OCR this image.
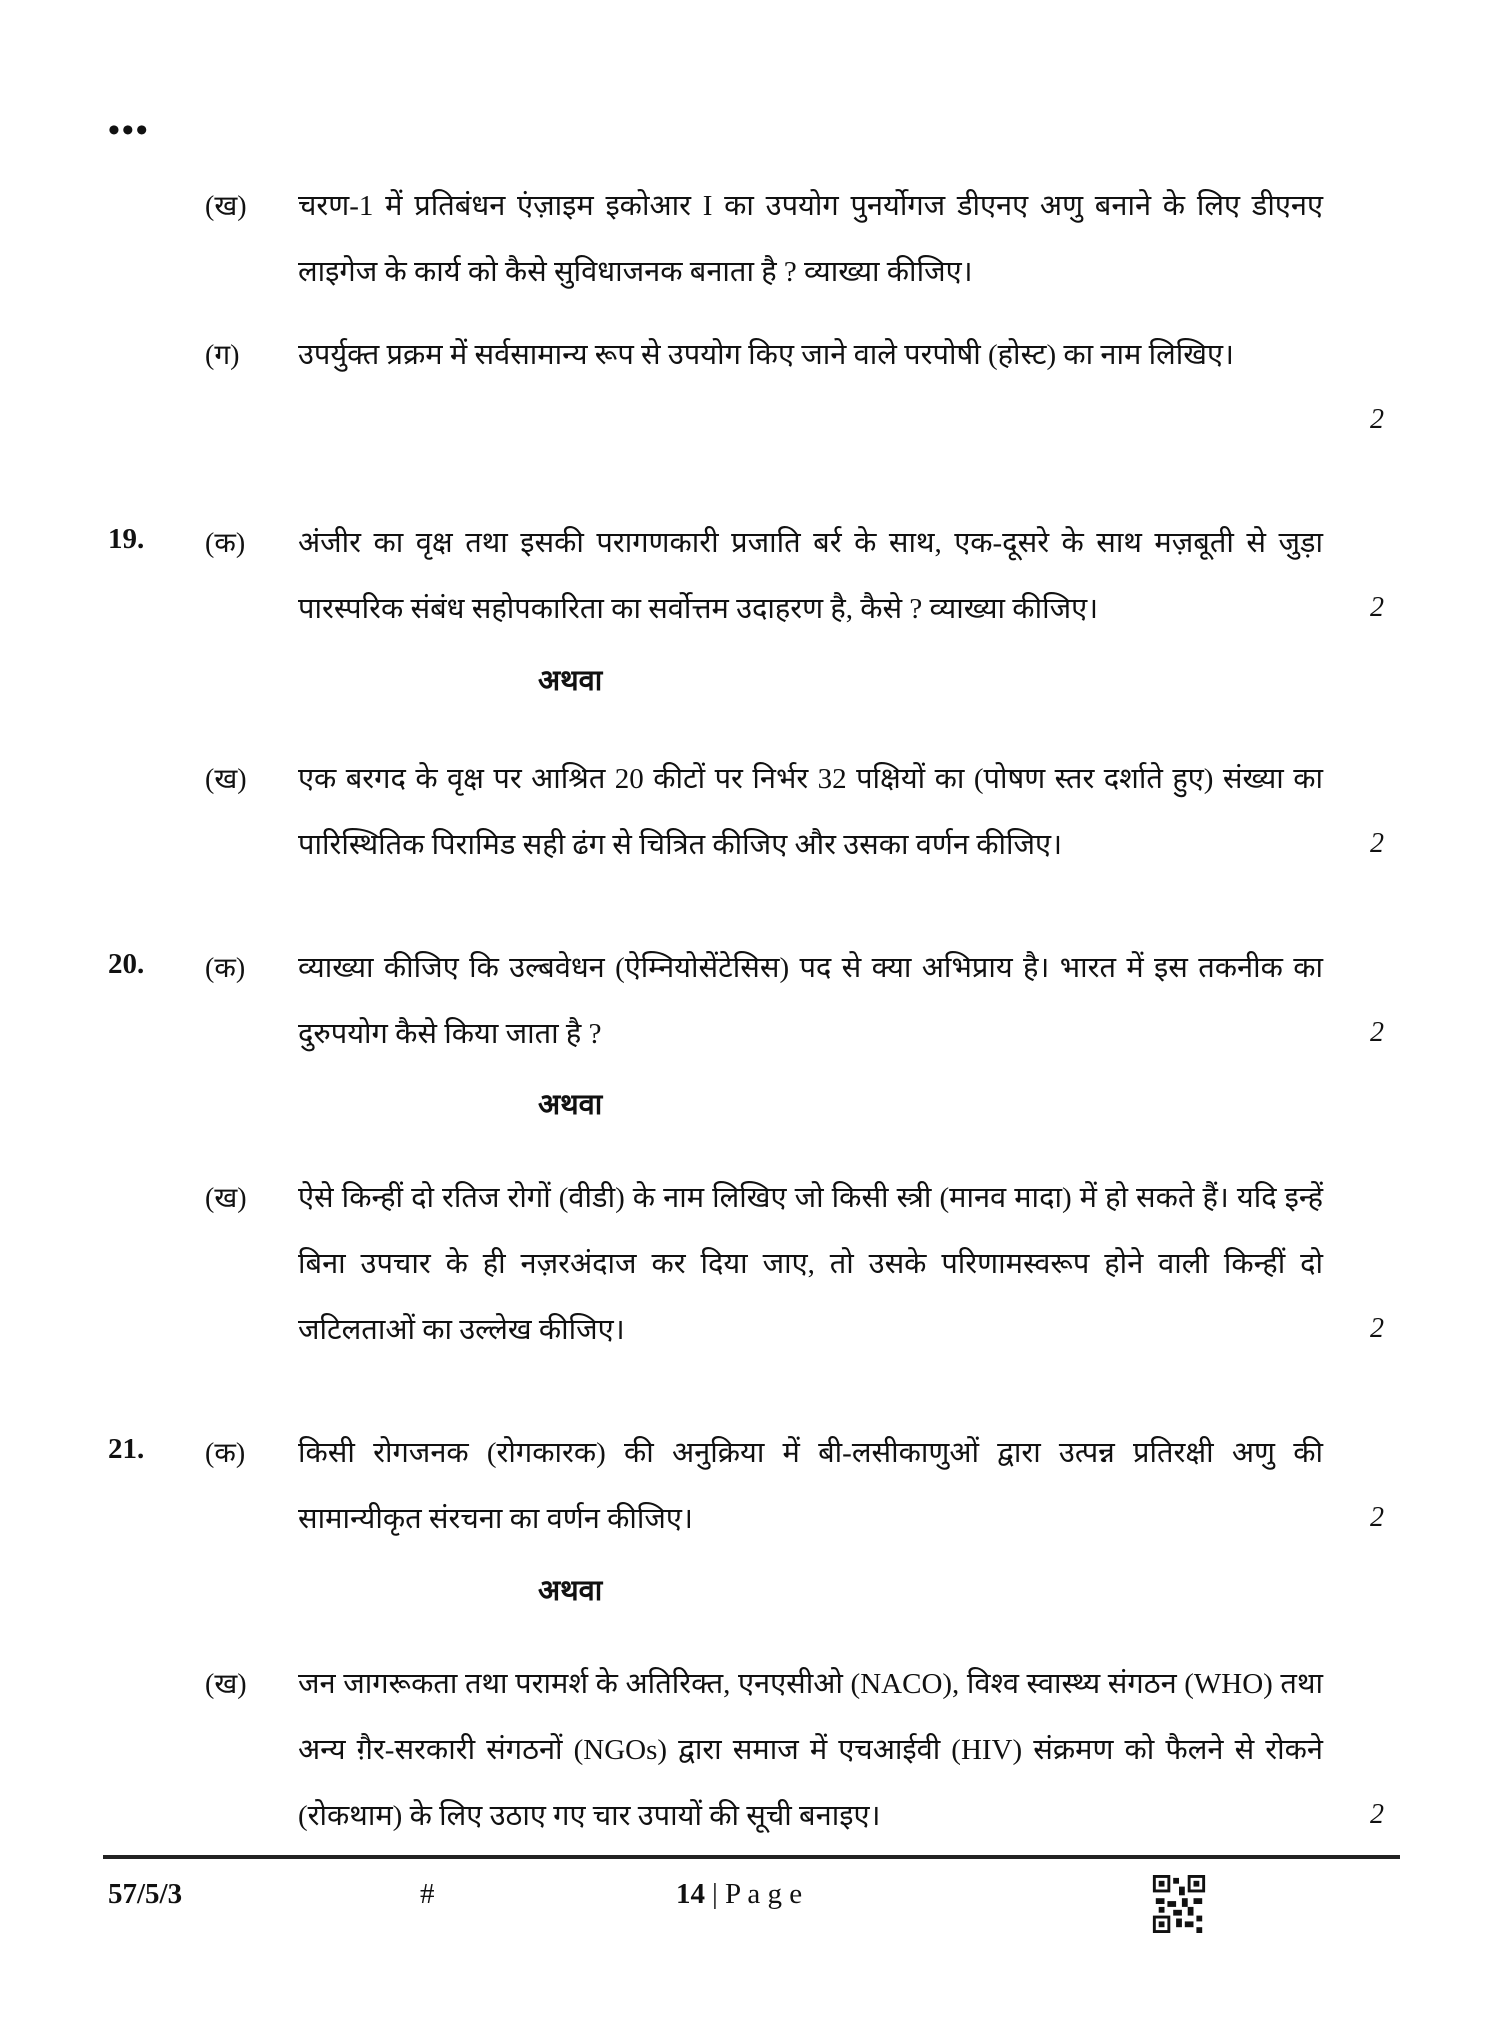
•••
(ख) चरण-1 में प्रतिबंधन एंज़ाइम इकोआर I का उपयोग पुनर्योगज डीएनए अणु बनाने के लिए डीएनए लाइगेज के कार्य को कैसे सुविधाजनक बनाता है ? व्याख्या कीजिए।
(ग) उपर्युक्त प्रक्रम में सर्वसामान्य रूप से उपयोग किए जाने वाले परपोषी (होस्ट) का नाम लिखिए।
2
19. (क) अंजीर का वृक्ष तथा इसकी परागणकारी प्रजाति बर्र के साथ, एक-दूसरे के साथ मज़बूती से जुड़ा पारस्परिक संबंध सहोपकारिता का सर्वोत्तम उदाहरण है, कैसे ? व्याख्या कीजिए।	2
अथवा
(ख) एक बरगद के वृक्ष पर आश्रित 20 कीटों पर निर्भर 32 पक्षियों का (पोषण स्तर दर्शाते हुए) संख्या का पारिस्थितिक पिरामिड सही ढंग से चित्रित कीजिए और उसका वर्णन कीजिए।	2
20. (क) व्याख्या कीजिए कि उल्बवेधन (ऐम्नियोसेंटेसिस) पद से क्या अभिप्राय है। भारत में इस तकनीक का दुरुपयोग कैसे किया जाता है ?	2
अथवा
(ख) ऐसे किन्हीं दो रतिज रोगों (वीडी) के नाम लिखिए जो किसी स्त्री (मानव मादा) में हो सकते हैं। यदि इन्हें बिना उपचार के ही नज़रअंदाज कर दिया जाए, तो उसके परिणामस्वरूप होने वाली किन्हीं दो जटिलताओं का उल्लेख कीजिए।	2
21. (क) किसी रोगजनक (रोगकारक) की अनुक्रिया में बी-लसीकाणुओं द्वारा उत्पन्न प्रतिरक्षी अणु की सामान्यीकृत संरचना का वर्णन कीजिए।	2
अथवा
(ख) जन जागरूकता तथा परामर्श के अतिरिक्त, एनएसीओ (NACO), विश्व स्वास्थ्य संगठन (WHO) तथा अन्य ग़ैर-सरकारी संगठनों (NGOs) द्वारा समाज में एचआईवी (HIV) संक्रमण को फैलने से रोकने (रोकथाम) के लिए उठाए गए चार उपायों की सूची बनाइए।	2
57/5/3	#	14 | P a g e
